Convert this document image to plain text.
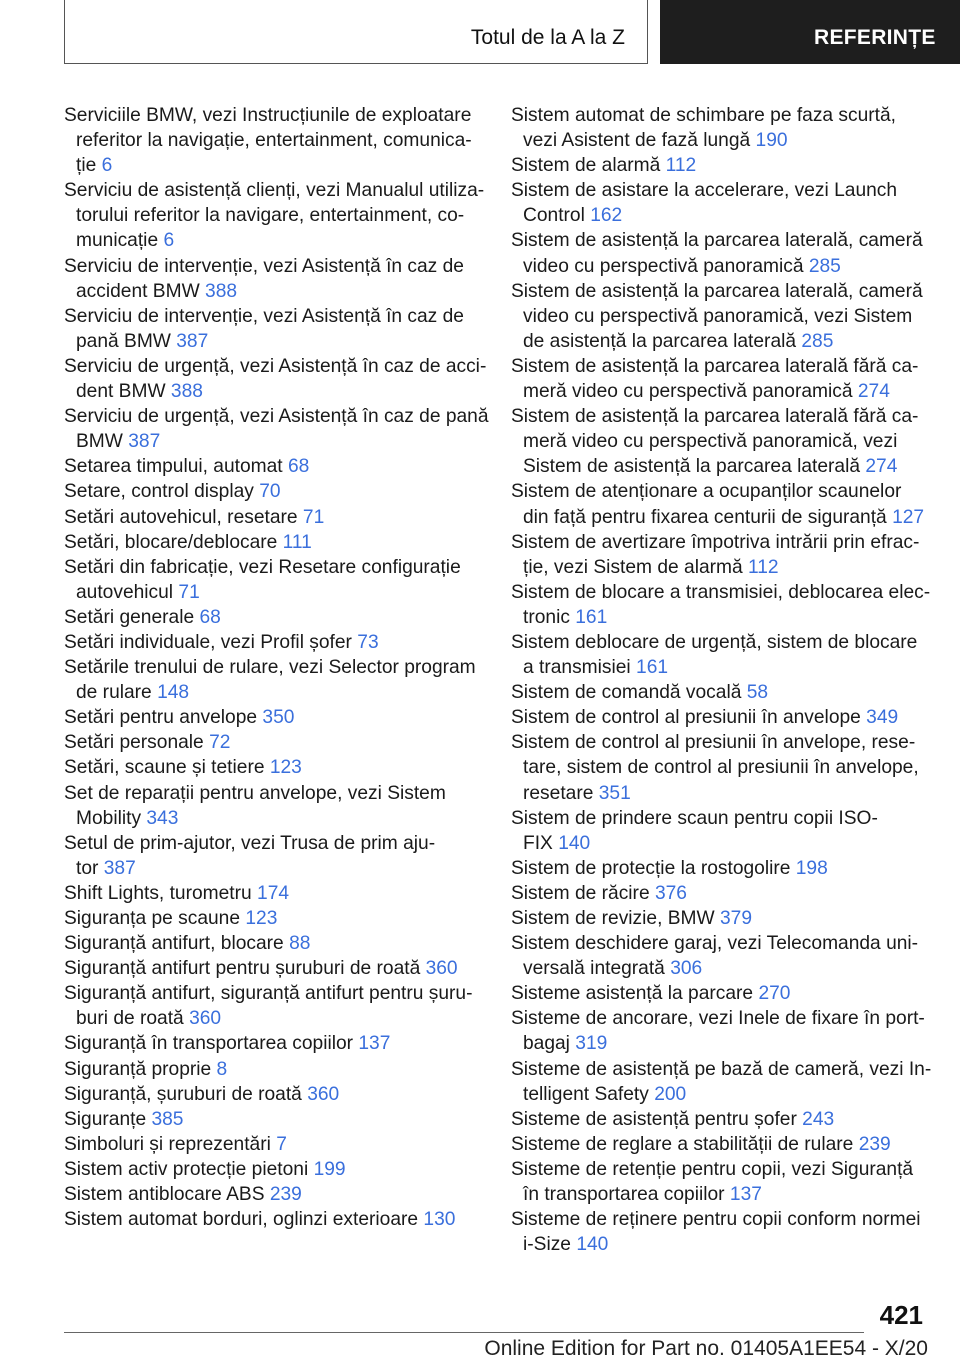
Totul de la A la Z	REFERINȚE
Serviciile BMW, vezi Instrucțiunile de exploatare
referitor la navigație, entertainment, comunica-
ție 6
Serviciu de asistență clienți, vezi Manualul utiliza-
torului referitor la navigare, entertainment, co-
municație 6
Serviciu de intervenție, vezi Asistență în caz de
accident BMW 388
Serviciu de intervenție, vezi Asistență în caz de
pană BMW 387
Serviciu de urgență, vezi Asistență în caz de acci-
dent BMW 388
Serviciu de urgență, vezi Asistență în caz de pană
BMW 387
Setarea timpului, automat 68
Setare, control display 70
Setări autovehicul, resetare 71
Setări, blocare/deblocare 111
Setări din fabricație, vezi Resetare configurație
autovehicul 71
Setări generale 68
Setări individuale, vezi Profil șofer 73
Setările trenului de rulare, vezi Selector program
de rulare 148
Setări pentru anvelope 350
Setări personale 72
Setări, scaune și tetiere 123
Set de reparații pentru anvelope, vezi Sistem
Mobility 343
Setul de prim-ajutor, vezi Trusa de prim aju-
tor 387
Shift Lights, turometru 174
Siguranța pe scaune 123
Siguranță antifurt, blocare 88
Siguranță antifurt pentru șuruburi de roată 360
Siguranță antifurt, siguranță antifurt pentru șuru-
buri de roată 360
Siguranță în transportarea copiilor 137
Siguranță proprie 8
Siguranță, șuruburi de roată 360
Siguranțe 385
Simboluri și reprezentări 7
Sistem activ protecție pietoni 199
Sistem antiblocare ABS 239
Sistem automat borduri, oglinzi exterioare 130
Sistem automat de schimbare pe faza scurtă,
vezi Asistent de fază lungă 190
Sistem de alarmă 112
Sistem de asistare la accelerare, vezi Launch
Control 162
Sistem de asistență la parcarea laterală, cameră
video cu perspectivă panoramică 285
Sistem de asistență la parcarea laterală, cameră
video cu perspectivă panoramică, vezi Sistem
de asistență la parcarea laterală 285
Sistem de asistență la parcarea laterală fără ca-
meră video cu perspectivă panoramică 274
Sistem de asistență la parcarea laterală fără ca-
meră video cu perspectivă panoramică, vezi
Sistem de asistență la parcarea laterală 274
Sistem de atenționare a ocupanților scaunelor
din față pentru fixarea centurii de siguranță 127
Sistem de avertizare împotriva intrării prin efrac-
ție, vezi Sistem de alarmă 112
Sistem de blocare a transmisiei, deblocarea elec-
tronic 161
Sistem deblocare de urgență, sistem de blocare
a transmisiei 161
Sistem de comandă vocală 58
Sistem de control al presiunii în anvelope 349
Sistem de control al presiunii în anvelope, rese-
tare, sistem de control al presiunii în anvelope,
resetare 351
Sistem de prindere scaun pentru copii ISO-
FIX 140
Sistem de protecție la rostogolire 198
Sistem de răcire 376
Sistem de revizie, BMW 379
Sistem deschidere garaj, vezi Telecomanda uni-
versală integrată 306
Sisteme asistență la parcare 270
Sisteme de ancorare, vezi Inele de fixare în port-
bagaj 319
Sisteme de asistență pe bază de cameră, vezi In-
telligent Safety 200
Sisteme de asistență pentru șofer 243
Sisteme de reglare a stabilității de rulare 239
Sisteme de retenție pentru copii, vezi Siguranță
în transportarea copiilor 137
Sisteme de reținere pentru copii conform normei
i-Size 140
421
Online Edition for Part no. 01405A1EE54 - X/20
